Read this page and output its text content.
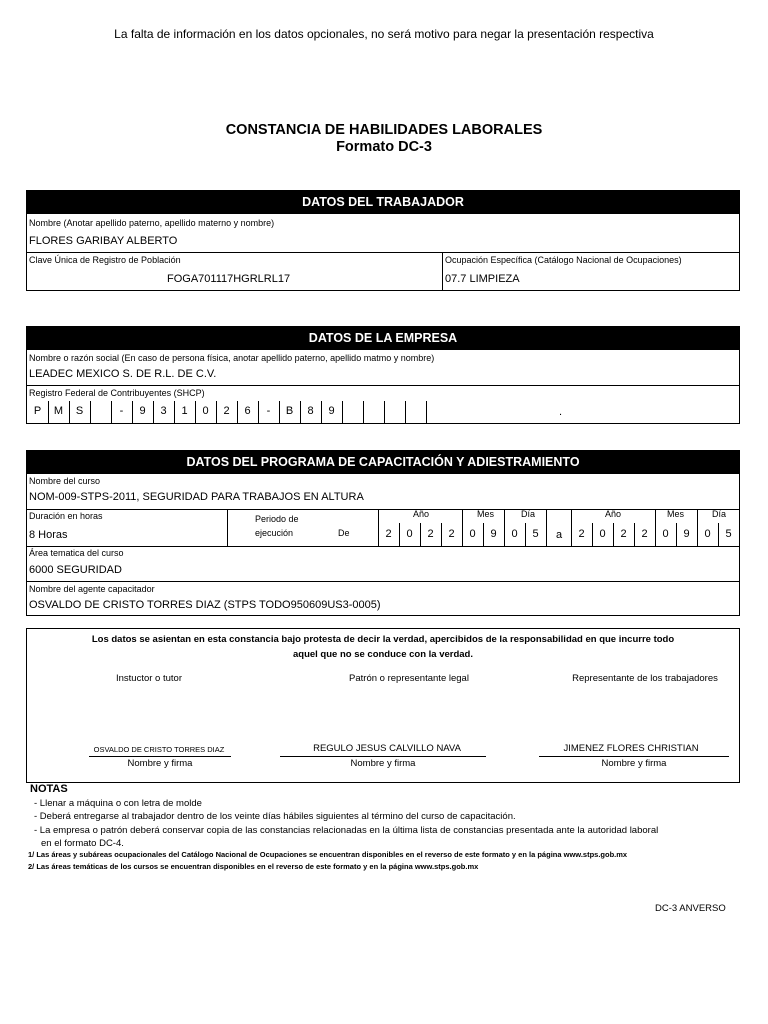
La falta de información en los datos opcionales, no será motivo para negar la presentación respectiva
CONSTANCIA DE HABILIDADES LABORALES
Formato DC-3
DATOS DEL TRABAJADOR
Nombre (Anotar apellido paterno, apellido materno y nombre)
FLORES GARIBAY ALBERTO
Clave Única de Registro de Población
FOGA701117HGRLRL17
Ocupación Específica (Catálogo Nacional de Ocupaciones)
07.7 LIMPIEZA
DATOS DE LA EMPRESA
Nombre o razón social (En caso de persona física, anotar apellido paterno, apellido matmo y nombre)
LEADEC MEXICO S. DE R.L. DE C.V.
Registro Federal de Contribuyentes (SHCP)
P	M	S	-	9	3	1	0	2	6	-	B	8	9	.
DATOS DEL PROGRAMA DE CAPACITACIÓN Y ADIESTRAMIENTO
Nombre del curso
NOM-009-STPS-2011, SEGURIDAD PARA TRABAJOS EN ALTURA
Duración en horas
8 Horas
Periodo de
ejecución	De
Año	Mes	Día	Año	Mes	Día
a
2	0	2	2	0	9	0	5	2	0	2	2	0	9	0	5
Área tematica del curso
6000 SEGURIDAD
Nombre del agente capacitador
OSVALDO DE CRISTO TORRES DIAZ (STPS TODO950609US3-0005)
Los datos se asientan en esta constancia bajo protesta de decir la verdad, apercibidos de la responsabilidad en que incurre todo
aquel que no se conduce con la verdad.
Instuctor o tutor	Patrón o representante legal	Representante de los trabajadores
OSVALDO DE CRISTO TORRES DIAZ	REGULO JESUS CALVILLO NAVA	JIMENEZ FLORES CHRISTIAN
Nombre y firma	Nombre y firma	Nombre y firma
NOTAS
- Llenar a máquina o con letra de molde
- Deberá entregarse al trabajador dentro de los veinte días hábiles siguientes al término del curso de capacitación.
- La empresa o patrón deberá conservar copia de las constancias relacionadas en la última lista de constancias presentada ante la autoridad laboral
en el formato DC-4.
1/ Las áreas y subáreas ocupacionales del Catálogo Nacional de Ocupaciones se encuentran disponibles en el reverso de este formato y en la página www.stps.gob.mx
2/ Las áreas temáticas de los cursos se encuentran disponibles en el reverso de este formato y en la página www.stps.gob.mx
DC-3 ANVERSO
